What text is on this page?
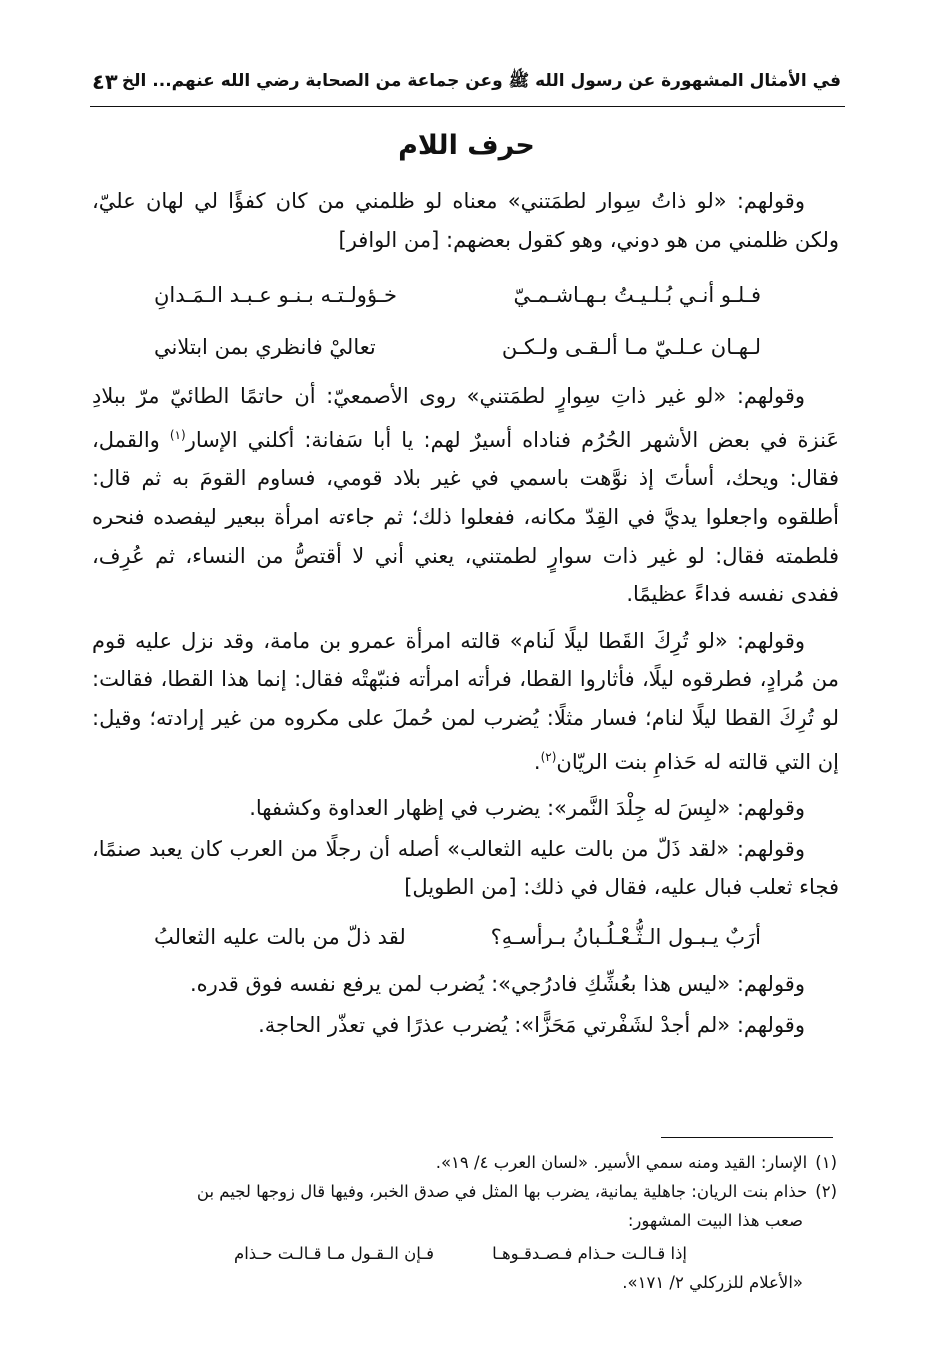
في الأمثال المشهورة عن رسول الله ﷺ وعن جماعة من الصحابة رضي الله عنهم... الخ
٤٣
حرف اللام

وقولهم: «لو ذاتُ سِوار لطمَتني» معناه لو ظلمني من كان كفؤًا لي لهان عليّ، ولكن ظلمني من هو دوني، وهو كقول بعضهم: [من الوافر]

فـلـو أنـي بُـلـيـتُ بـهـاشـمـيّ
خـؤولـتـه بـنـو عـبـد الـمَـدانِ
لـهـان عـلـيّ مـا ألـقـى ولـكـن
تعاليْ فانظري بمن ابتلاني

وقولهم: «لو غير ذاتِ سِوارٍ لطمَتني» روى الأصمعيّ: أن حاتمًا الطائيّ مرّ ببلادِ عَنزة في بعض الأشهر الحُرُم فناداه أسيرٌ لهم: يا أبا سَفانة: أكلني الإسار$^{(١)}$ والقمل، فقال: ويحك، أسأتَ إذ نوَّهت باسمي في غير بلاد قومي، فساوم القومَ به ثم قال: أطلقوه واجعلوا يديَّ في القِدّ مكانه، ففعلوا ذلك؛ ثم جاءته امرأة ببعير ليفصده فنحره فلطمته فقال: لو غير ذات سوارٍ لطمتني، يعني أني لا أقتصُّ من النساء، ثم عُرِف، ففدى نفسه فداءً عظيمًا.

وقولهم: «لو تُرِكَ القَطا ليلًا لَنام» قالته امرأة عمرو بن مامة، وقد نزل عليه قوم من مُرادٍ، فطرقوه ليلًا، فأثاروا القطا، فرأته امرأته فنبّهتْه فقال: إنما هذا القطا، فقالت: لو تُرِكَ القطا ليلًا لنام؛ فسار مثلًا: يُضرب لمن حُملَ على مكروه من غير إرادته؛ وقيل: إن التي قالته له حَذامِ بنت الريّان$^{(٢)}$.

وقولهم: «لبِسَ له جِلْدَ النَّمر»: يضرب في إظهار العداوة وكشفها.

وقولهم: «لقد ذَلّ من بالت عليه الثعالب» أصله أن رجلًا من العرب كان يعبد صنمًا، فجاء ثعلب فبال عليه، فقال في ذلك: [من الطويل]

أرَبٌ يـبـول الـثُّـعْـلُـبانُ بـرأسـهِ؟
لقد ذلّ من بالت عليه الثعالبُ

وقولهم: «ليس هذا بعُشِّكِ فادرُجي»: يُضرب لمن يرفع نفسه فوق قدره.

وقولهم: «لم أجدْ لشَفْرتي مَحَزًّا»: يُضرب عذرًا في تعذّر الحاجة.

(١)الإسار: القيد ومنه سمي الأسير. «لسان العرب ٤/ ١٩».

(٢)حذام بنت الريان: جاهلية يمانية، يضرب بها المثل في صدق الخبر، وفيها قال زوجها لجيم بن

صعب هذا البيت المشهور:

إذا قـالـت حـذام فـصـدقـوهـا
فـإن الـقـول مـا قـالـت حـذام

«الأعلام للزركلي ٢/ ١٧١».
